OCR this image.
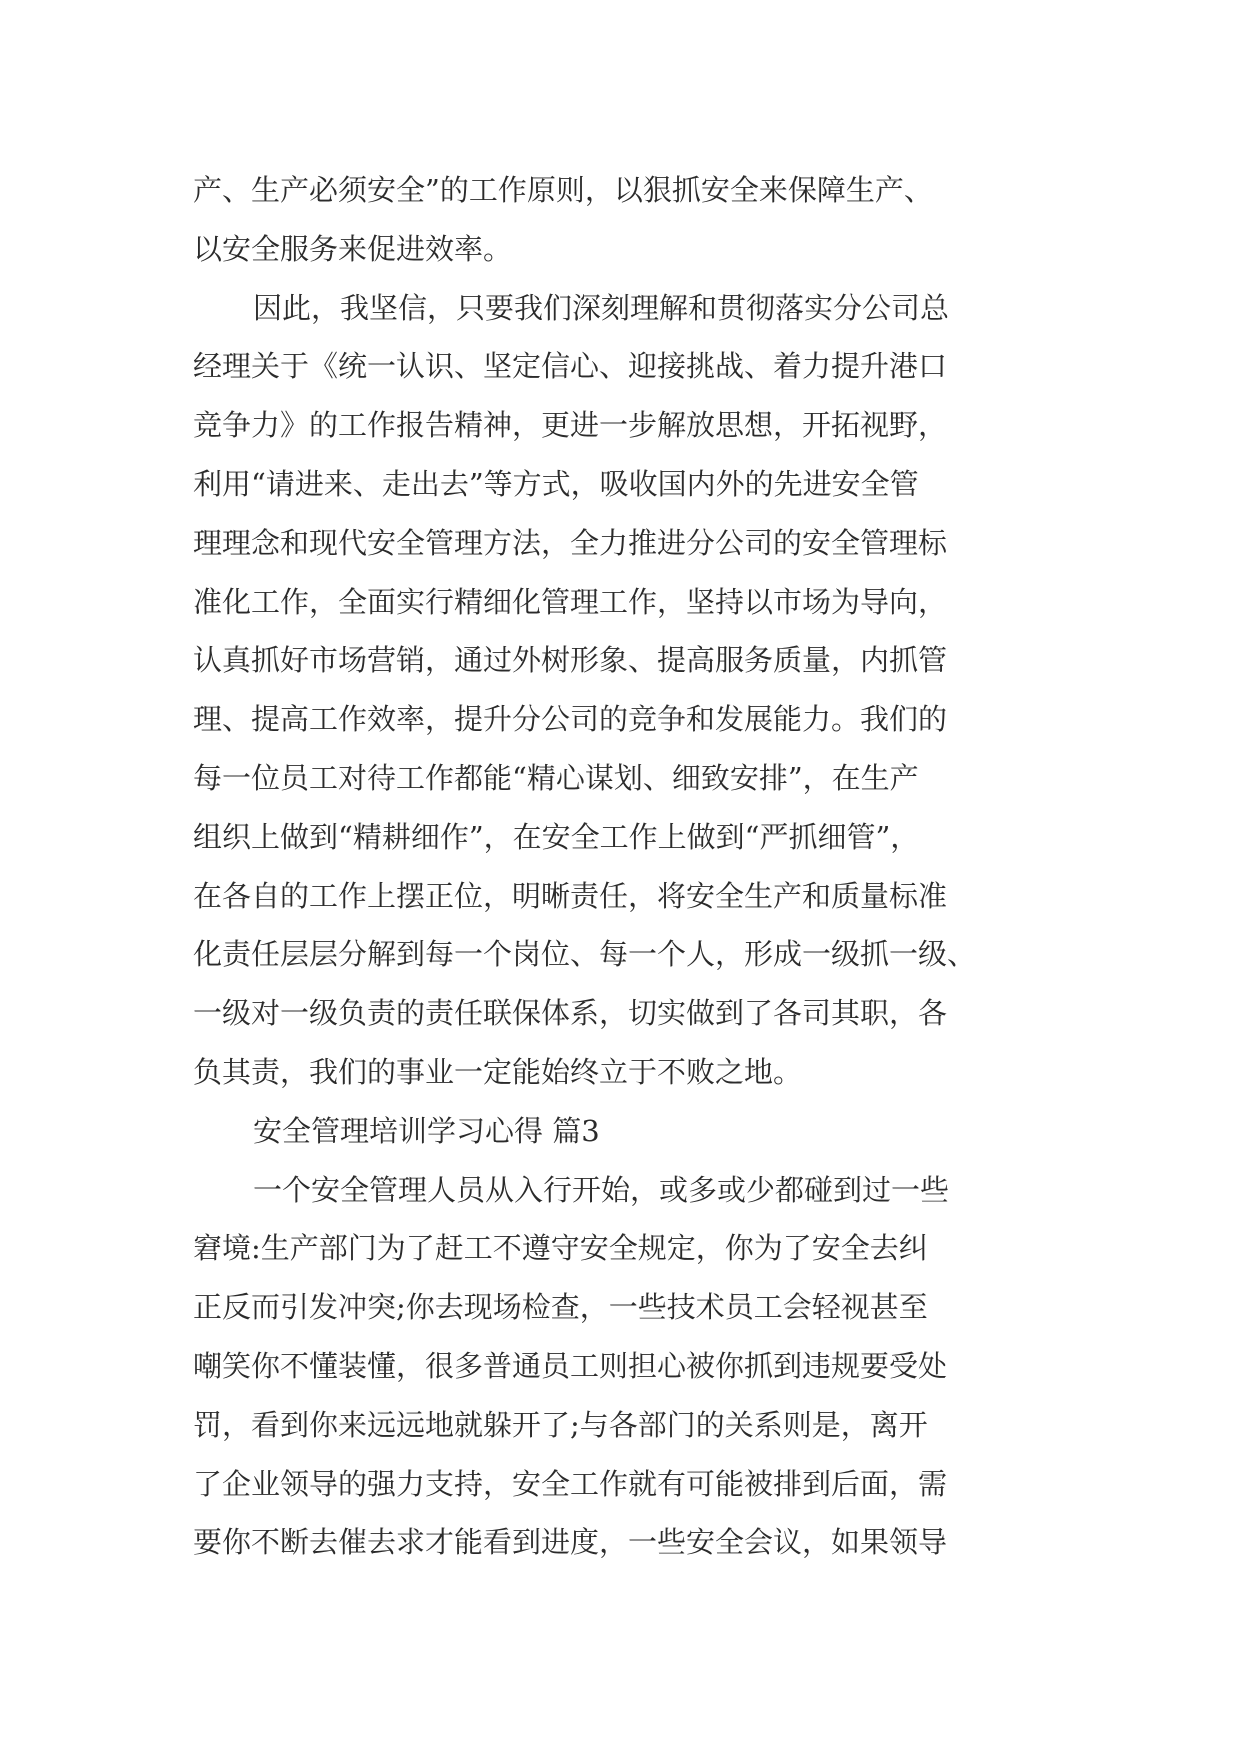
产、生产必须安全”的工作原则，以狠抓安全来保障生产、
以安全服务来促进效率。
因此，我坚信，只要我们深刻理解和贯彻落实分公司总
经理关于《统一认识、坚定信心、迎接挑战、着力提升港口
竞争力》的工作报告精神，更进一步解放思想，开拓视野，
利用“请进来、走出去”等方式，吸收国内外的先进安全管
理理念和现代安全管理方法，全力推进分公司的安全管理标
准化工作，全面实行精细化管理工作，坚持以市场为导向，
认真抓好市场营销，通过外树形象、提高服务质量，内抓管
理、提高工作效率，提升分公司的竞争和发展能力。我们的
每一位员工对待工作都能“精心谋划、细致安排”，在生产
组织上做到“精耕细作”，在安全工作上做到“严抓细管”，
在各自的工作上摆正位，明晰责任，将安全生产和质量标准
化责任层层分解到每一个岗位、每一个人，形成一级抓一级、
一级对一级负责的责任联保体系，切实做到了各司其职，各
负其责，我们的事业一定能始终立于不败之地。
安全管理培训学习心得 篇3
一个安全管理人员从入行开始，或多或少都碰到过一些
窘境:生产部门为了赶工不遵守安全规定，你为了安全去纠
正反而引发冲突;你去现场检查，一些技术员工会轻视甚至
嘲笑你不懂装懂，很多普通员工则担心被你抓到违规要受处
罚，看到你来远远地就躲开了;与各部门的关系则是，离开
了企业领导的强力支持，安全工作就有可能被排到后面，需
要你不断去催去求才能看到进度，一些安全会议，如果领导
